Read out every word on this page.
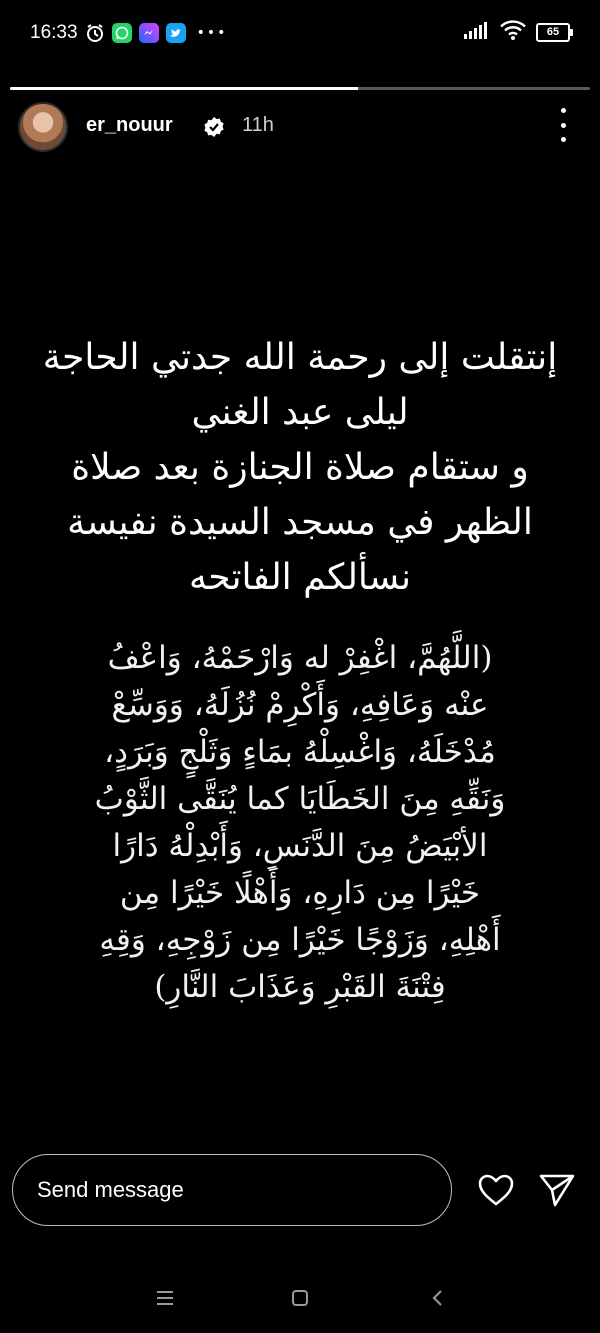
16:33	•••	65
er_nouur	11h
إنتقلت إلى رحمة الله جدتي الحاجة
ليلى عبد الغني
و ستقام صلاة الجنازة بعد صلاة
الظهر في مسجد السيدة نفيسة
نسألكم الفاتحه
(اللَّهُمَّ، اغْفِرْ له وَارْحَمْهُ، وَاعْفُ
عنْه وَعَافِهِ، وَأَكْرِمْ نُزُلَهُ، وَوَسِّعْ
مُدْخَلَهُ، وَاغْسِلْهُ بمَاءٍ وَثَلْجٍ وَبَرَدٍ،
وَنَقِّهِ مِنَ الخَطَايَا كما يُنَقَّى الثَّوْبُ
الأبْيَضُ مِنَ الدَّنَسِ، وَأَبْدِلْهُ دَارًا
خَيْرًا مِن دَارِهِ، وَأَهْلًا خَيْرًا مِن
أَهْلِهِ، وَزَوْجًا خَيْرًا مِن زَوْجِهِ، وَقِهِ
فِتْنَةَ القَبْرِ وَعَذَابَ النَّارِ)
Send message
